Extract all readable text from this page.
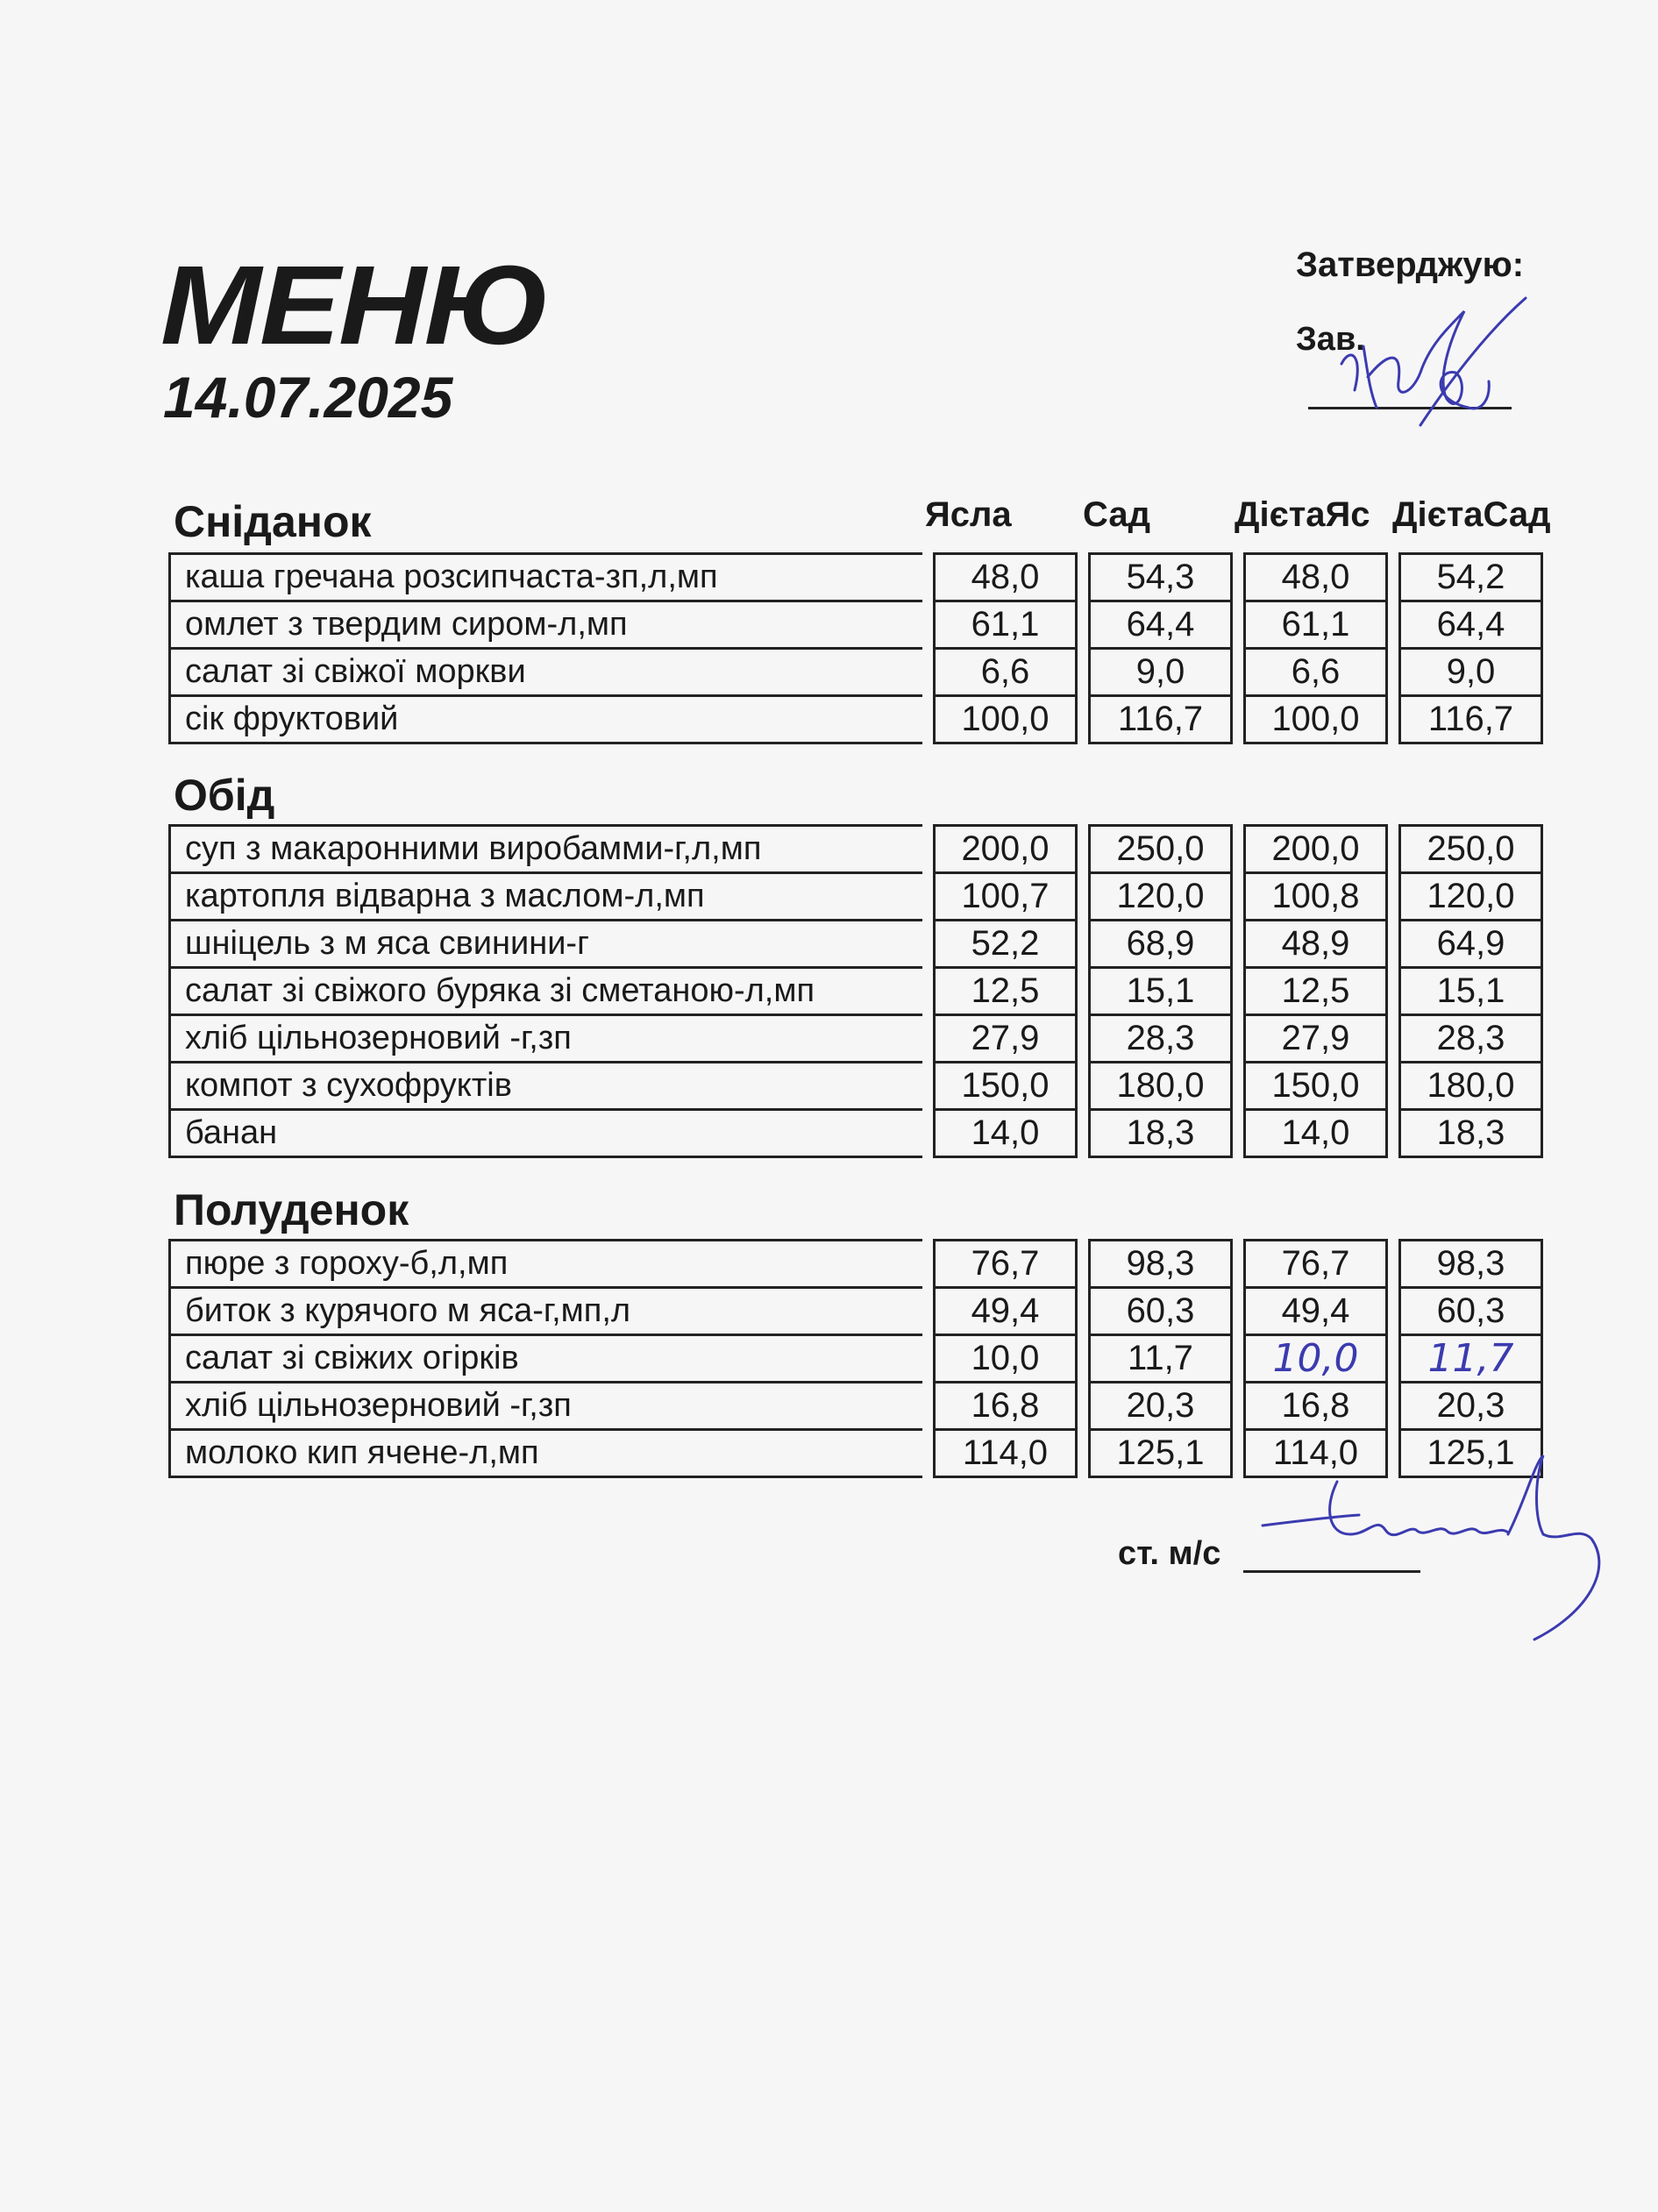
МЕНЮ
14.07.2025
Затверджую:
Зав.
Ясла Сад ДієтаЯс ДієтаСад
Сніданок
каша гречана розсипчаста-зп,л,мп		48,0		54,3		48,0		54,2
омлет з твердим сиром-л,мп		61,1		64,4		61,1		64,4
салат зі свіжої моркви		6,6		9,0		6,6		9,0
сік фруктовий		100,0		116,7		100,0		116,7
Обід
суп з макаронними виробамми-г,л,мп		200,0		250,0		200,0		250,0
картопля відварна з маслом-л,мп		100,7		120,0		100,8		120,0
шніцель з м яса свинини-г		52,2		68,9		48,9		64,9
салат зі свіжого буряка зі сметаною-л,мп		12,5		15,1		12,5		15,1
хліб цільнозерновий -г,зп		27,9		28,3		27,9		28,3
компот з сухофруктів		150,0		180,0		150,0		180,0
банан		14,0		18,3		14,0		18,3
Полуденок
пюре з гороху-б,л,мп		76,7		98,3		76,7		98,3
биток з курячого м яса-г,мп,л		49,4		60,3		49,4		60,3
салат зі свіжих огірків		10,0		11,7		10,0		11,7
хліб цільнозерновий -г,зп		16,8		20,3		16,8		20,3
молоко кип ячене-л,мп		114,0		125,1		114,0		125,1
ст. м/с
